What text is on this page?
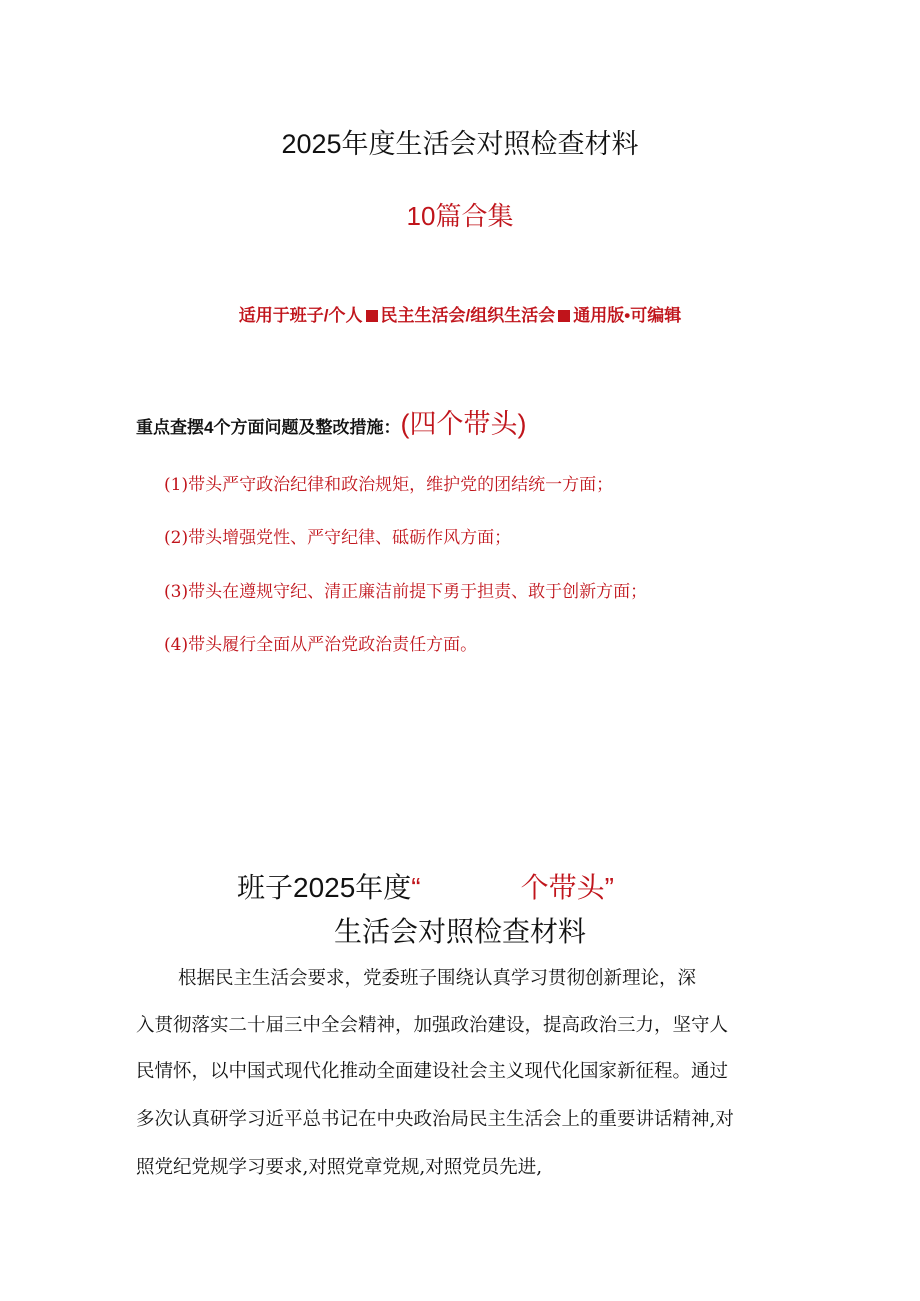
2025年度生活会对照检查材料
10篇合集
适用于班子/个人 民主生活会/组织生活会 通用版•可编辑
重点查摆4个方面问题及整改措施：(四个带头)
(1)带头严守政治纪律和政治规矩，维护党的团结统一方面；
(2)带头增强党性、严守纪律、砥砺作风方面；
(3)带头在遵规守纪、清正廉洁前提下勇于担责、敢于创新方面；
(4)带头履行全面从严治党政治责任方面。
班子2025年度“	个带头”
生活会对照检查材料
根据民主生活会要求，党委班子围绕认真学习贯彻创新理论，深
入贯彻落实二十届三中全会精神，加强政治建设，提高政治三力，坚守人
民情怀，以中国式现代化推动全面建设社会主义现代化国家新征程。通过
多次认真研学习近平总书记在中央政治局民主生活会上的重要讲话精神,对
照党纪党规学习要求,对照党章党规,对照党员先进,
